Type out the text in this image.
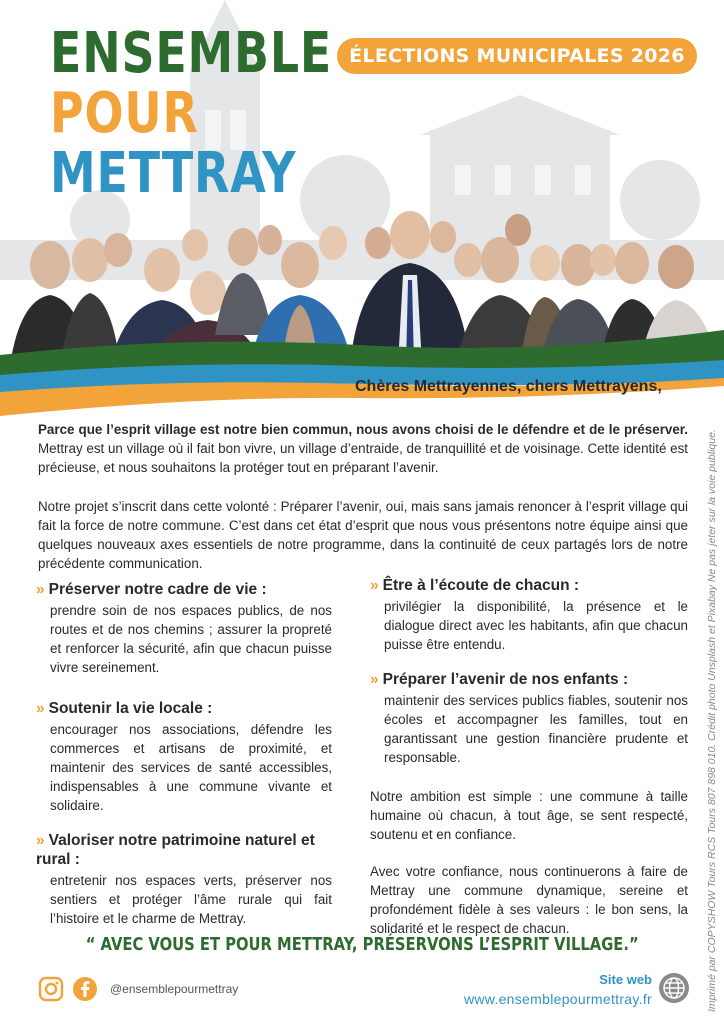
ENSEMBLE
POUR
METTRAY
ÉLECTIONS MUNICIPALES 2026
Chères Mettrayennes, chers Mettrayens,

Parce que l’esprit village est notre bien commun, nous avons choisi de le défendre et de le préserver. Mettray est un village où il fait bon vivre, un village d’entraide, de tranquillité et de voisinage. Cette identité est précieuse, et nous souhaitons la protéger tout en préparant l’avenir.

Notre projet s’inscrit dans cette volonté : Préparer l’avenir, oui, mais sans jamais renoncer à l’esprit village qui fait la force de notre commune. C’est dans cet état d’esprit que nous vous présentons notre équipe ainsi que quelques nouveaux axes essentiels de notre programme, dans la continuité de ceux partagés lors de notre précédente communication.

» Préserver notre cadre de vie :

prendre soin de nos espaces publics, de nos routes et de nos chemins ; assurer la propreté et renforcer la sécurité, afin que chacun puisse vivre sereinement.

» Soutenir la vie locale :

encourager nos associations, défendre les commerces et artisans de proximité, et maintenir des services de santé accessibles, indispensables à une commune vivante et solidaire.

» Valoriser notre patrimoine naturel et rural :

entretenir nos espaces verts, préserver nos sentiers et protéger l’âme rurale qui fait l’histoire et le charme de Mettray.

» Être à l’écoute de chacun :

privilégier la disponibilité, la présence et le dialogue direct avec les habitants, afin que chacun puisse être entendu.

» Préparer l’avenir de nos enfants :

maintenir des services publics fiables, soutenir nos écoles et accompagner les familles, tout en garantissant une gestion financière prudente et responsable.

Notre ambition est simple : une commune à taille humaine où chacun, à tout âge, se sent respecté, soutenu et en confiance.

Avec votre confiance, nous continuerons à faire de Mettray une commune dynamique, sereine et profondément fidèle à ses valeurs : le bon sens, la solidarité et le respect de chacun.

“ AVEC VOUS ET POUR METTRAY, PRÉSERVONS L’ESPRIT VILLAGE.”
@ensemblepourmettray
Site web
www.ensemblepourmettray.fr	Imprimé par COPYSHOW Tours RCS Tours 807 898 010. Crédit photo Unsplash et Pixabay Ne pas jeter sur la voie publique.
